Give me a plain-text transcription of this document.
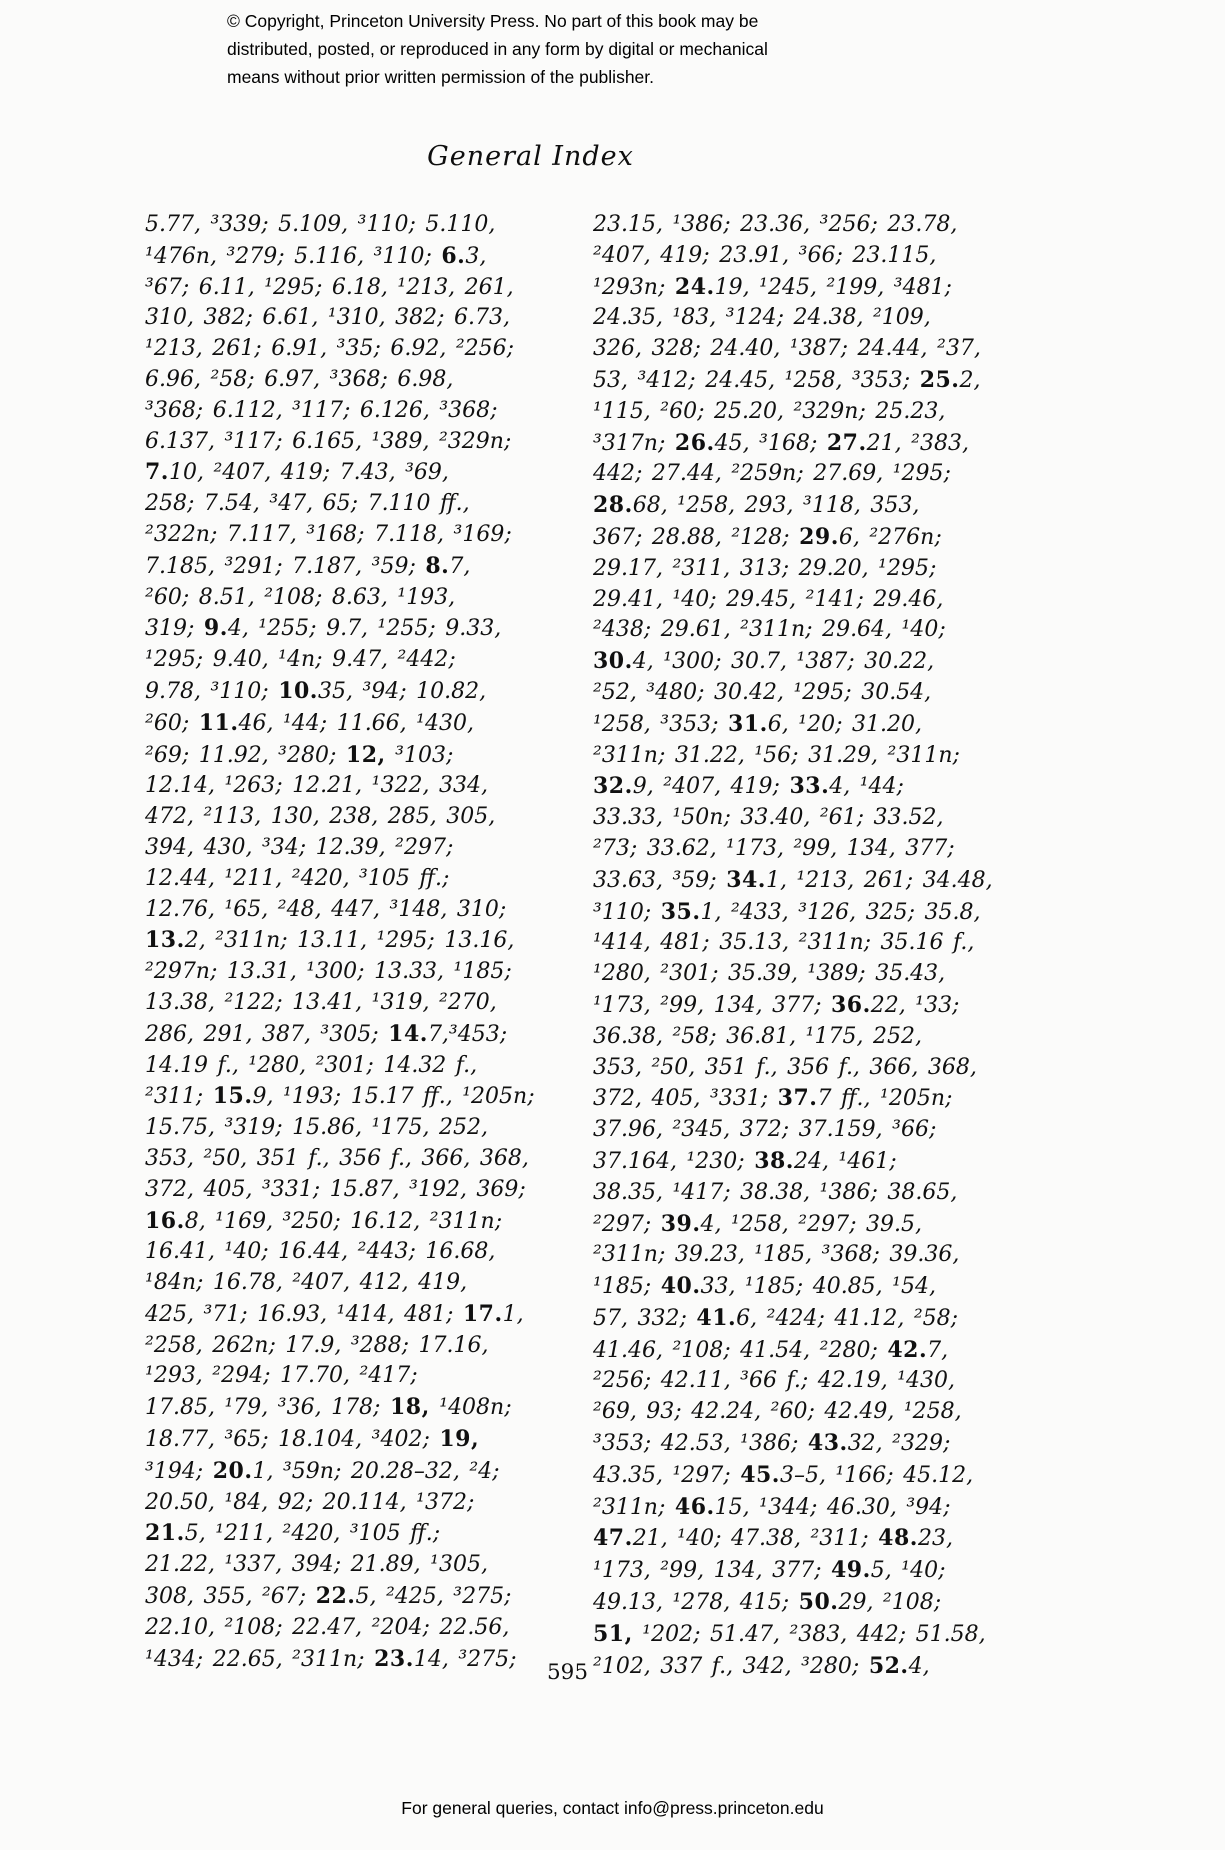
© Copyright, Princeton University Press. No part of this book may be
distributed, posted, or reproduced in any form by digital or mechanical
means without prior written permission of the publisher.
General Index
5.77, ³339; 5.109, ³110; 5.110,
¹476n, ³279; 5.116, ³110; 6.3,
³67; 6.11, ¹295; 6.18, ¹213, 261,
310, 382; 6.61, ¹310, 382; 6.73,
¹213, 261; 6.91, ³35; 6.92, ²256;
6.96, ²58; 6.97, ³368; 6.98,
³368; 6.112, ³117; 6.126, ³368;
6.137, ³117; 6.165, ¹389, ²329n;
7.10, ²407, 419; 7.43, ³69,
258; 7.54, ³47, 65; 7.110 ff.,
²322n; 7.117, ³168; 7.118, ³169;
7.185, ³291; 7.187, ³59; 8.7,
²60; 8.51, ²108; 8.63, ¹193,
319; 9.4, ¹255; 9.7, ¹255; 9.33,
¹295; 9.40, ¹4n; 9.47, ²442;
9.78, ³110; 10.35, ³94; 10.82,
²60; 11.46, ¹44; 11.66, ¹430,
²69; 11.92, ³280; 12, ³103;
12.14, ¹263; 12.21, ¹322, 334,
472, ²113, 130, 238, 285, 305,
394, 430, ³34; 12.39, ²297;
12.44, ¹211, ²420, ³105 ff.;
12.76, ¹65, ²48, 447, ³148, 310;
13.2, ²311n; 13.11, ¹295; 13.16,
²297n; 13.31, ¹300; 13.33, ¹185;
13.38, ²122; 13.41, ¹319, ²270,
286, 291, 387, ³305; 14.7,³453;
14.19 f., ¹280, ²301; 14.32 f.,
²311; 15.9, ¹193; 15.17 ff., ¹205n;
15.75, ³319; 15.86, ¹175, 252,
353, ²50, 351 f., 356 f., 366, 368,
372, 405, ³331; 15.87, ³192, 369;
16.8, ¹169, ³250; 16.12, ²311n;
16.41, ¹40; 16.44, ²443; 16.68,
¹84n; 16.78, ²407, 412, 419,
425, ³71; 16.93, ¹414, 481; 17.1,
²258, 262n; 17.9, ³288; 17.16,
¹293, ²294; 17.70, ²417;
17.85, ¹79, ³36, 178; 18, ¹408n;
18.77, ³65; 18.104, ³402; 19,
³194; 20.1, ³59n; 20.28–32, ²4;
20.50, ¹84, 92; 20.114, ¹372;
21.5, ¹211, ²420, ³105 ff.;
21.22, ¹337, 394; 21.89, ¹305,
308, 355, ²67; 22.5, ²425, ³275;
22.10, ²108; 22.47, ²204; 22.56,
¹434; 22.65, ²311n; 23.14, ³275;
23.15, ¹386; 23.36, ³256; 23.78,
²407, 419; 23.91, ³66; 23.115,
¹293n; 24.19, ¹245, ²199, ³481;
24.35, ¹83, ³124; 24.38, ²109,
326, 328; 24.40, ¹387; 24.44, ²37,
53, ³412; 24.45, ¹258, ³353; 25.2,
¹115, ²60; 25.20, ²329n; 25.23,
³317n; 26.45, ³168; 27.21, ²383,
442; 27.44, ²259n; 27.69, ¹295;
28.68, ¹258, 293, ³118, 353,
367; 28.88, ²128; 29.6, ²276n;
29.17, ²311, 313; 29.20, ¹295;
29.41, ¹40; 29.45, ²141; 29.46,
²438; 29.61, ²311n; 29.64, ¹40;
30.4, ¹300; 30.7, ¹387; 30.22,
²52, ³480; 30.42, ¹295; 30.54,
¹258, ³353; 31.6, ¹20; 31.20,
²311n; 31.22, ¹56; 31.29, ²311n;
32.9, ²407, 419; 33.4, ¹44;
33.33, ¹50n; 33.40, ²61; 33.52,
²73; 33.62, ¹173, ²99, 134, 377;
33.63, ³59; 34.1, ¹213, 261; 34.48,
³110; 35.1, ²433, ³126, 325; 35.8,
¹414, 481; 35.13, ²311n; 35.16 f.,
¹280, ²301; 35.39, ¹389; 35.43,
¹173, ²99, 134, 377; 36.22, ¹33;
36.38, ²58; 36.81, ¹175, 252,
353, ²50, 351 f., 356 f., 366, 368,
372, 405, ³331; 37.7 ff., ¹205n;
37.96, ²345, 372; 37.159, ³66;
37.164, ¹230; 38.24, ¹461;
38.35, ¹417; 38.38, ¹386; 38.65,
²297; 39.4, ¹258, ²297; 39.5,
²311n; 39.23, ¹185, ³368; 39.36,
¹185; 40.33, ¹185; 40.85, ¹54,
57, 332; 41.6, ²424; 41.12, ²58;
41.46, ²108; 41.54, ²280; 42.7,
²256; 42.11, ³66 f.; 42.19, ¹430,
²69, 93; 42.24, ²60; 42.49, ¹258,
³353; 42.53, ¹386; 43.32, ²329;
43.35, ¹297; 45.3–5, ¹166; 45.12,
²311n; 46.15, ¹344; 46.30, ³94;
47.21, ¹40; 47.38, ²311; 48.23,
¹173, ²99, 134, 377; 49.5, ¹40;
49.13, ¹278, 415; 50.29, ²108;
51, ¹202; 51.47, ²383, 442; 51.58,
²102, 337 f., 342, ³280; 52.4,
595
For general queries, contact info@press.princeton.edu
